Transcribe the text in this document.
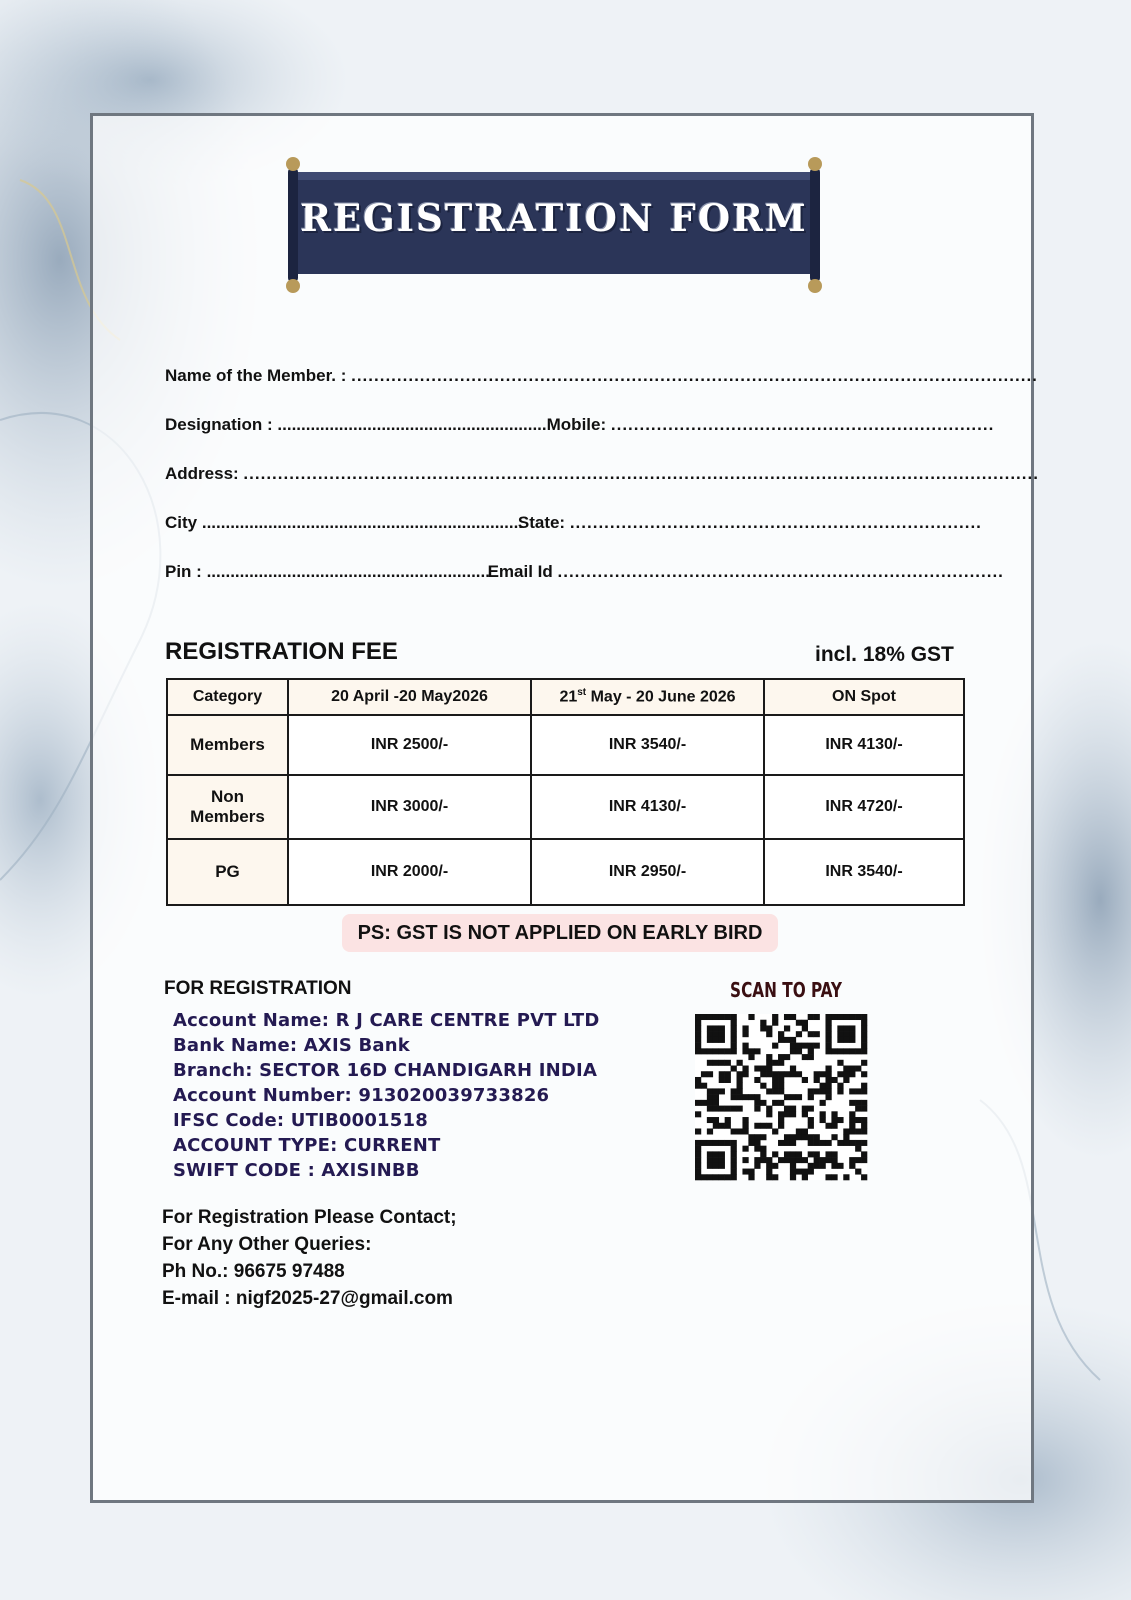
REGISTRATION FORM
Name of the Member. :
........................................................................................................................
Designation :
......................................................... Mobile:
...................................................................
Address:
...........................................................................................................................................
City
....................................................................
State:
........................................................................
Pin :
............................................................
Email Id
..............................................................................
REGISTRATION FEE	incl. 18% GST
Category	20 April -20 May2026	21st May - 20 June 2026	ON Spot
Members	INR 2500/-	INR 3540/-	INR 4130/-
Non
Members	INR 3000/-	INR 4130/-	INR 4720/-
PG	INR 2000/-	INR 2950/-	INR 3540/-
PS: GST IS NOT APPLIED ON EARLY BIRD
FOR REGISTRATION
Account Name: R J CARE CENTRE PVT LTD
Bank Name: AXIS Bank
Branch: SECTOR 16D CHANDIGARH INDIA
Account Number: 913020039733826
IFSC Code: UTIB0001518
ACCOUNT TYPE: CURRENT
SWIFT CODE : AXISINBB
SCAN TO PAY
For Registration Please Contact;
For Any Other Queries:
Ph No.: 96675 97488
E-mail : nigf2025-27@gmail.com
